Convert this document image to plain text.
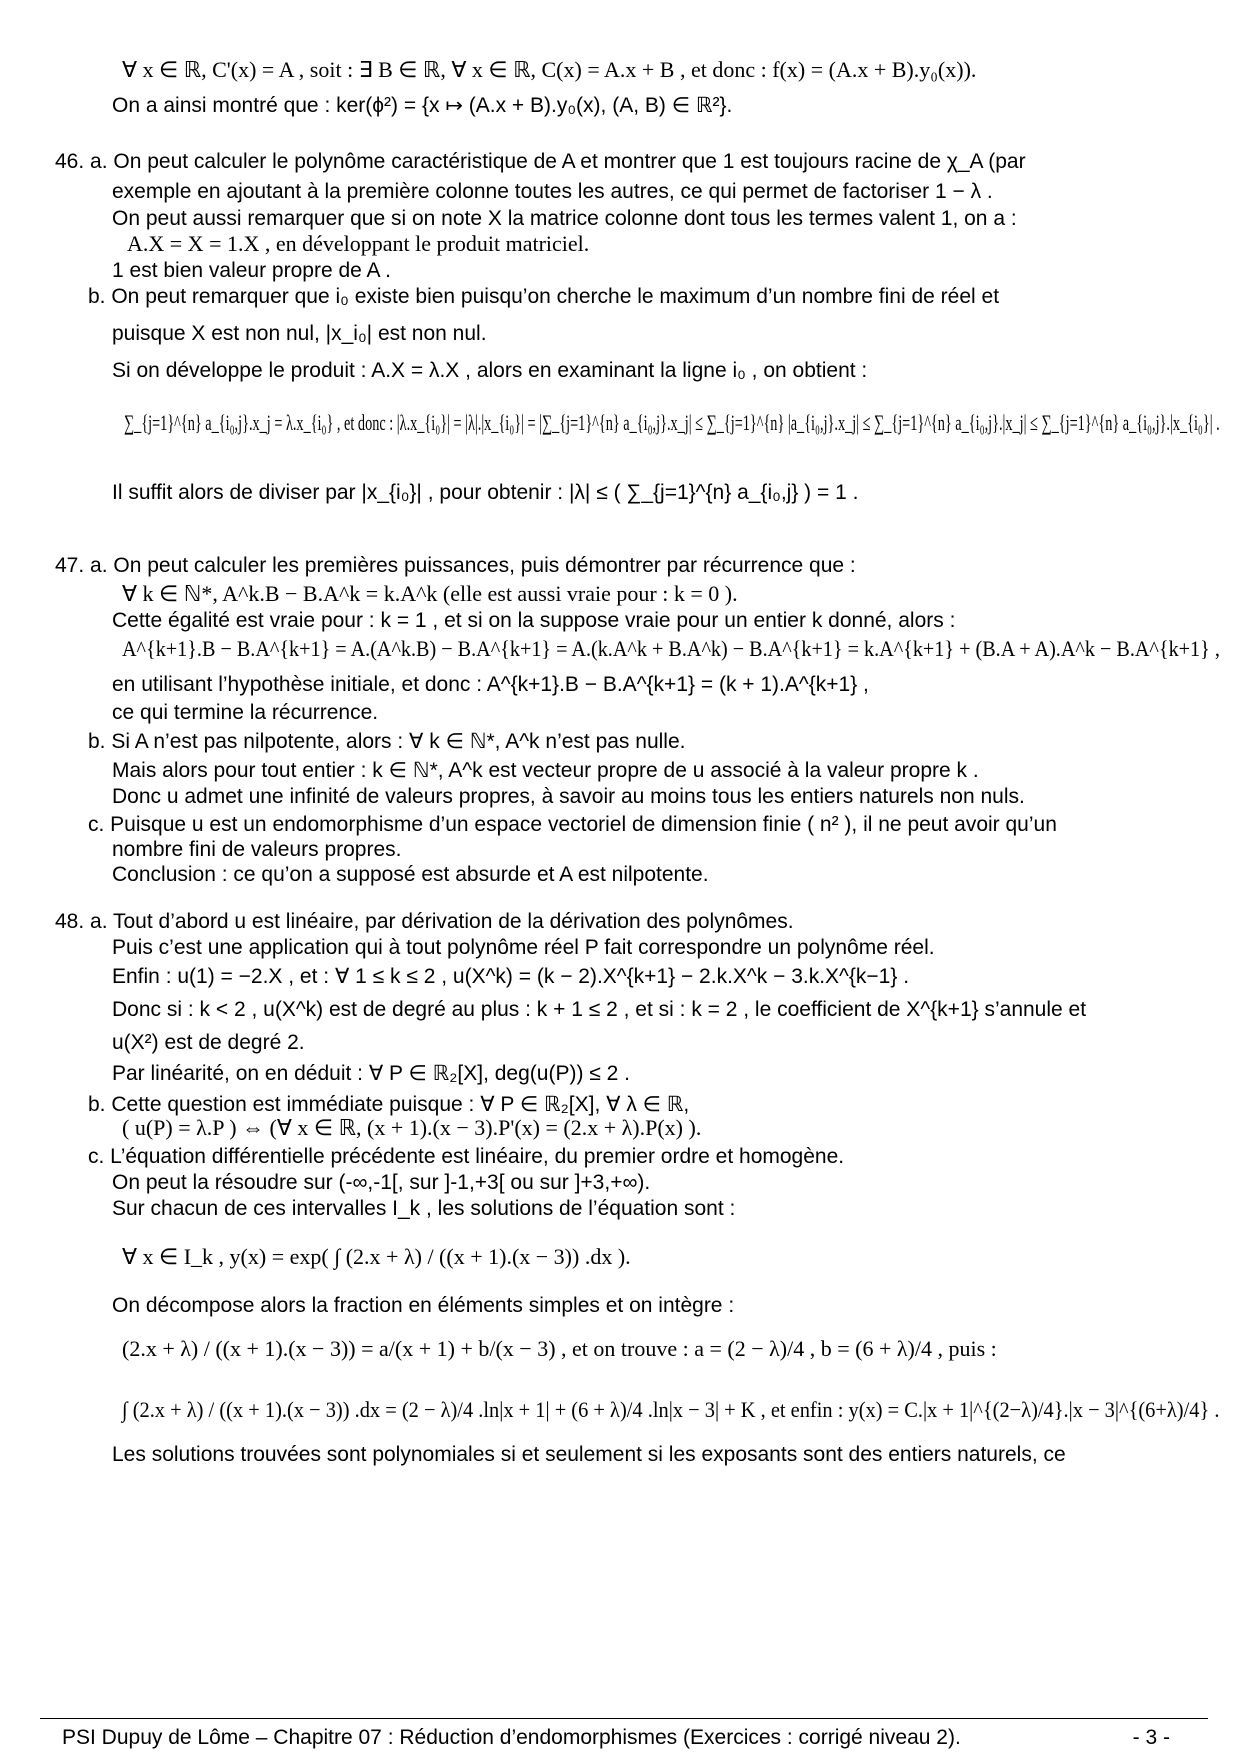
∀ x ∈ ℝ, C'(x) = A , soit : ∃ B ∈ ℝ, ∀ x ∈ ℝ, C(x) = A.x + B , et donc : f(x) = (A.x + B).y₀(x)).
On a ainsi montré que : ker(ϕ²) = {x ↦ (A.x + B).y₀(x), (A, B) ∈ ℝ²}.
46. a. On peut calculer le polynôme caractéristique de A et montrer que 1 est toujours racine de χ_A (par
exemple en ajoutant à la première colonne toutes les autres, ce qui permet de factoriser 1 − λ .
On peut aussi remarquer que si on note X la matrice colonne dont tous les termes valent 1, on a :
A.X = X = 1.X , en développant le produit matriciel.
1 est bien valeur propre de A .
b. On peut remarquer que i₀ existe bien puisqu’on cherche le maximum d’un nombre fini de réel et
puisque X est non nul, |x_i₀| est non nul.
Si on développe le produit : A.X = λ.X , alors en examinant la ligne i₀ , on obtient :
∑_{j=1}^{n} a_{i₀,j}.x_j = λ.x_{i₀} , et donc : |λ.x_{i₀}| = |λ|.|x_{i₀}| = |∑_{j=1}^{n} a_{i₀,j}.x_j| ≤ ∑_{j=1}^{n} |a_{i₀,j}.x_j| ≤ ∑_{j=1}^{n} a_{i₀,j}.|x_j| ≤ ∑_{j=1}^{n} a_{i₀,j}.|x_{i₀}| .
Il suffit alors de diviser par |x_{i₀}| , pour obtenir : |λ| ≤ ( ∑_{j=1}^{n} a_{i₀,j} ) = 1 .
47. a. On peut calculer les premières puissances, puis démontrer par récurrence que :
∀ k ∈ ℕ*, A^k.B − B.A^k = k.A^k (elle est aussi vraie pour : k = 0 ).
Cette égalité est vraie pour : k = 1 , et si on la suppose vraie pour un entier k donné, alors :
A^{k+1}.B − B.A^{k+1} = A.(A^k.B) − B.A^{k+1} = A.(k.A^k + B.A^k) − B.A^{k+1} = k.A^{k+1} + (B.A + A).A^k − B.A^{k+1} ,
en utilisant l’hypothèse initiale, et donc : A^{k+1}.B − B.A^{k+1} = (k + 1).A^{k+1} ,
ce qui termine la récurrence.
b. Si A n’est pas nilpotente, alors : ∀ k ∈ ℕ*, A^k n’est pas nulle.
Mais alors pour tout entier : k ∈ ℕ*, A^k est vecteur propre de u associé à la valeur propre k .
Donc u admet une infinité de valeurs propres, à savoir au moins tous les entiers naturels non nuls.
c. Puisque u est un endomorphisme d’un espace vectoriel de dimension finie ( n² ), il ne peut avoir qu’un
nombre fini de valeurs propres.
Conclusion : ce qu’on a supposé est absurde et A est nilpotente.
48. a. Tout d’abord u est linéaire, par dérivation de la dérivation des polynômes.
Puis c’est une application qui à tout polynôme réel P fait correspondre un polynôme réel.
Enfin : u(1) = −2.X , et : ∀ 1 ≤ k ≤ 2 , u(X^k) = (k − 2).X^{k+1} − 2.k.X^k − 3.k.X^{k−1} .
Donc si : k < 2 , u(X^k) est de degré au plus : k + 1 ≤ 2 , et si : k = 2 , le coefficient de X^{k+1} s’annule et
u(X²) est de degré 2.
Par linéarité, on en déduit : ∀ P ∈ ℝ₂[X], deg(u(P)) ≤ 2 .
b. Cette question est immédiate puisque : ∀ P ∈ ℝ₂[X], ∀ λ ∈ ℝ,
( u(P) = λ.P ) ⇔ (∀ x ∈ ℝ, (x + 1).(x − 3).P'(x) = (2.x + λ).P(x) ).
c. L’équation différentielle précédente est linéaire, du premier ordre et homogène.
On peut la résoudre sur (-∞,-1[, sur ]-1,+3[ ou sur ]+3,+∞).
Sur chacun de ces intervalles I_k , les solutions de l’équation sont :
∀ x ∈ I_k , y(x) = exp( ∫ (2.x + λ) / ((x + 1).(x − 3)) .dx ).
On décompose alors la fraction en éléments simples et on intègre :
(2.x + λ) / ((x + 1).(x − 3)) = a/(x + 1) + b/(x − 3) , et on trouve : a = (2 − λ)/4 , b = (6 + λ)/4 , puis :
∫ (2.x + λ) / ((x + 1).(x − 3)) .dx = (2 − λ)/4 .ln|x + 1| + (6 + λ)/4 .ln|x − 3| + K , et enfin : y(x) = C.|x + 1|^{(2−λ)/4}.|x − 3|^{(6+λ)/4} .
Les solutions trouvées sont polynomiales si et seulement si les exposants sont des entiers naturels, ce
PSI Dupuy de Lôme – Chapitre 07 : Réduction d’endomorphismes (Exercices : corrigé niveau 2).	- 3 -
